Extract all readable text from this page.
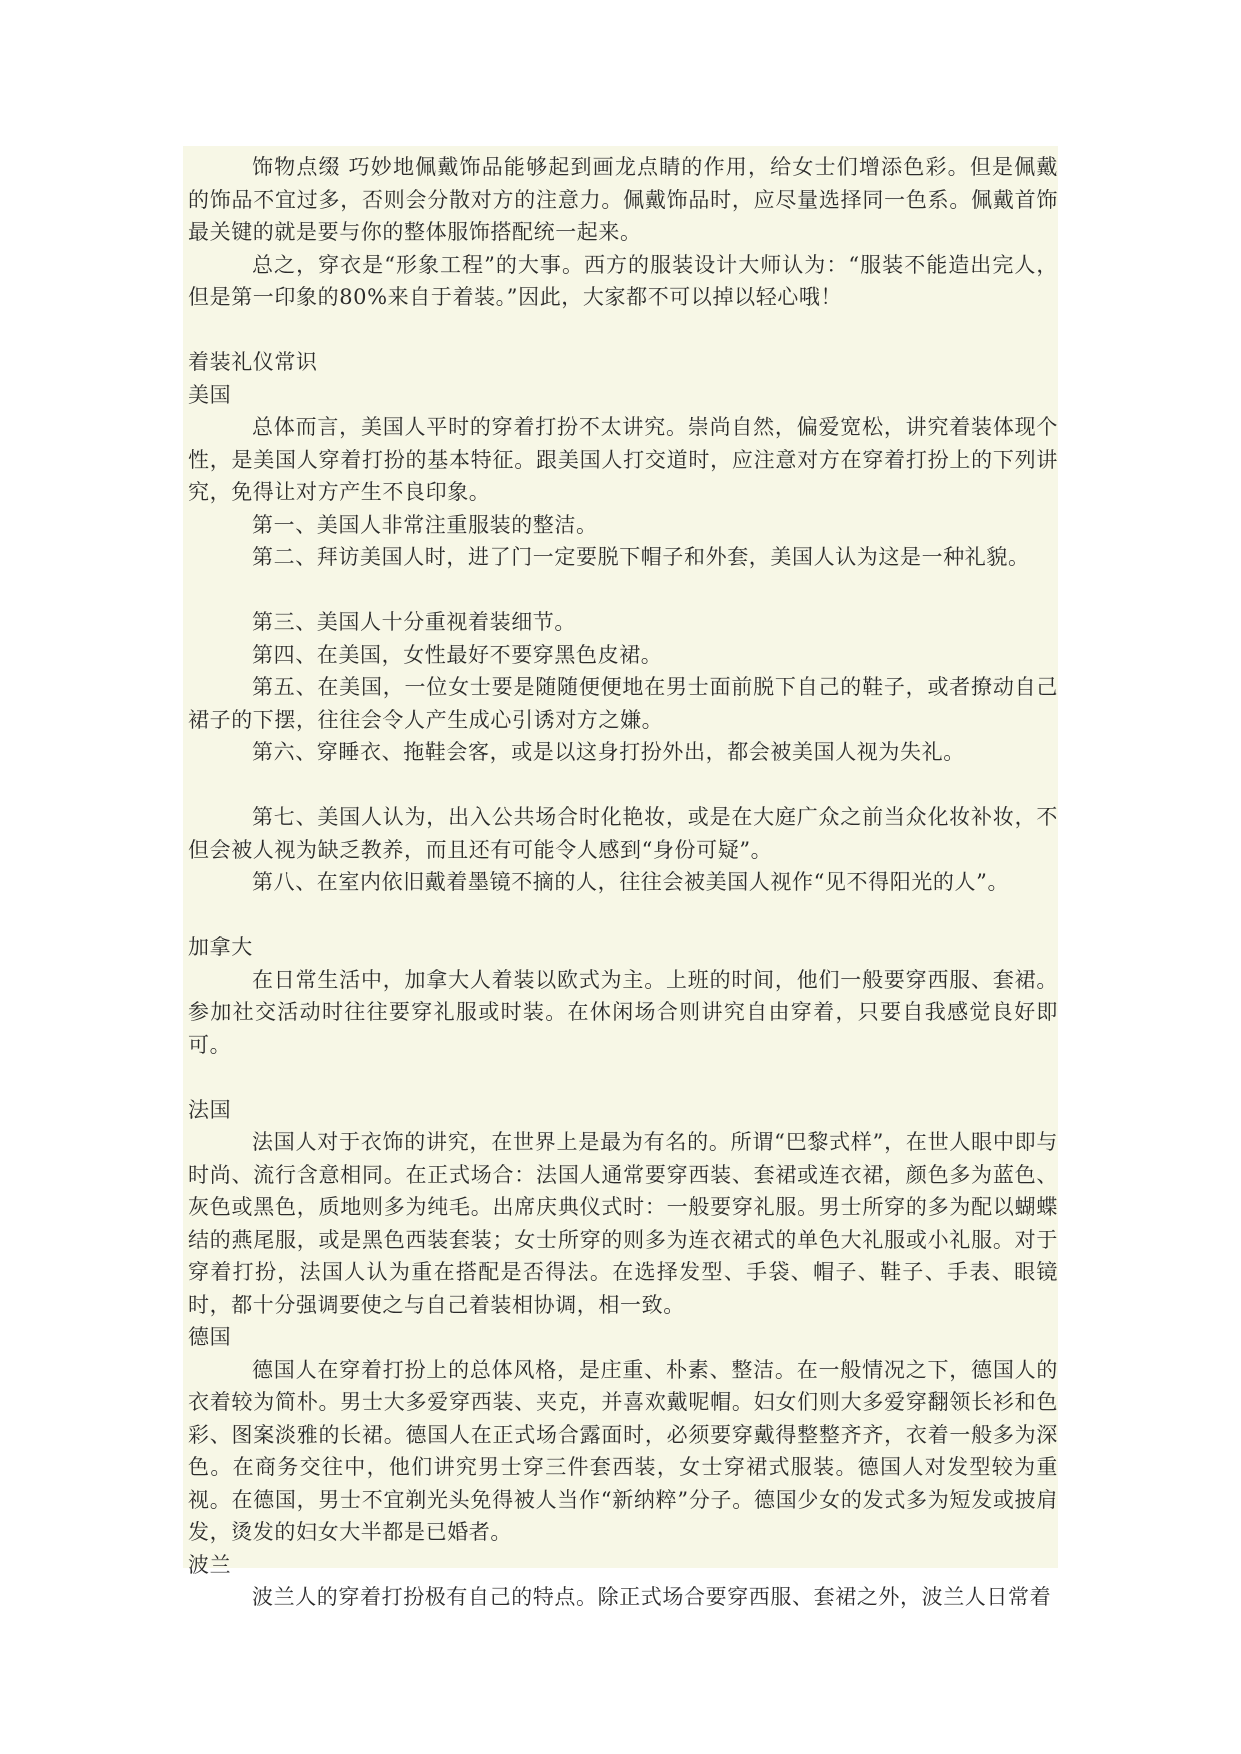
饰物点缀 巧妙地佩戴饰品能够起到画龙点睛的作用，给女士们增添色彩。但是佩戴的饰品不宜过多，否则会分散对方的注意力。佩戴饰品时，应尽量选择同一色系。佩戴首饰最关键的就是要与你的整体服饰搭配统一起来。
总之，穿衣是“形象工程”的大事。西方的服装设计大师认为：“服装不能造出完人，但是第一印象的80%来自于着装。”因此，大家都不可以掉以轻心哦！
着装礼仪常识
美国
总体而言，美国人平时的穿着打扮不太讲究。崇尚自然，偏爱宽松，讲究着装体现个性，是美国人穿着打扮的基本特征。跟美国人打交道时，应注意对方在穿着打扮上的下列讲究，免得让对方产生不良印象。
第一、美国人非常注重服装的整洁。
第二、拜访美国人时，进了门一定要脱下帽子和外套，美国人认为这是一种礼貌。
第三、美国人十分重视着装细节。
第四、在美国，女性最好不要穿黑色皮裙。
第五、在美国，一位女士要是随随便便地在男士面前脱下自己的鞋子，或者撩动自己裙子的下摆，往往会令人产生成心引诱对方之嫌。
第六、穿睡衣、拖鞋会客，或是以这身打扮外出，都会被美国人视为失礼。
第七、美国人认为，出入公共场合时化艳妆，或是在大庭广众之前当众化妆补妆，不但会被人视为缺乏教养，而且还有可能令人感到“身份可疑”。
第八、在室内依旧戴着墨镜不摘的人，往往会被美国人视作“见不得阳光的人”。
加拿大
在日常生活中，加拿大人着装以欧式为主。上班的时间，他们一般要穿西服、套裙。参加社交活动时往往要穿礼服或时装。在休闲场合则讲究自由穿着，只要自我感觉良好即可。
法国
法国人对于衣饰的讲究，在世界上是最为有名的。所谓“巴黎式样”，在世人眼中即与时尚、流行含意相同。在正式场合：法国人通常要穿西装、套裙或连衣裙，颜色多为蓝色、灰色或黑色，质地则多为纯毛。出席庆典仪式时：一般要穿礼服。男士所穿的多为配以蝴蝶结的燕尾服，或是黑色西装套装；女士所穿的则多为连衣裙式的单色大礼服或小礼服。对于穿着打扮，法国人认为重在搭配是否得法。在选择发型、手袋、帽子、鞋子、手表、眼镜时，都十分强调要使之与自己着装相协调，相一致。
德国
德国人在穿着打扮上的总体风格，是庄重、朴素、整洁。在一般情况之下，德国人的衣着较为简朴。男士大多爱穿西装、夹克，并喜欢戴呢帽。妇女们则大多爱穿翻领长衫和色彩、图案淡雅的长裙。德国人在正式场合露面时，必须要穿戴得整整齐齐，衣着一般多为深色。在商务交往中，他们讲究男士穿三件套西装，女士穿裙式服装。德国人对发型较为重视。在德国，男士不宜剃光头免得被人当作“新纳粹”分子。德国少女的发式多为短发或披肩发，烫发的妇女大半都是已婚者。
波兰
波兰人的穿着打扮极有自己的特点。除正式场合要穿西服、套裙之外，波兰人日常着
